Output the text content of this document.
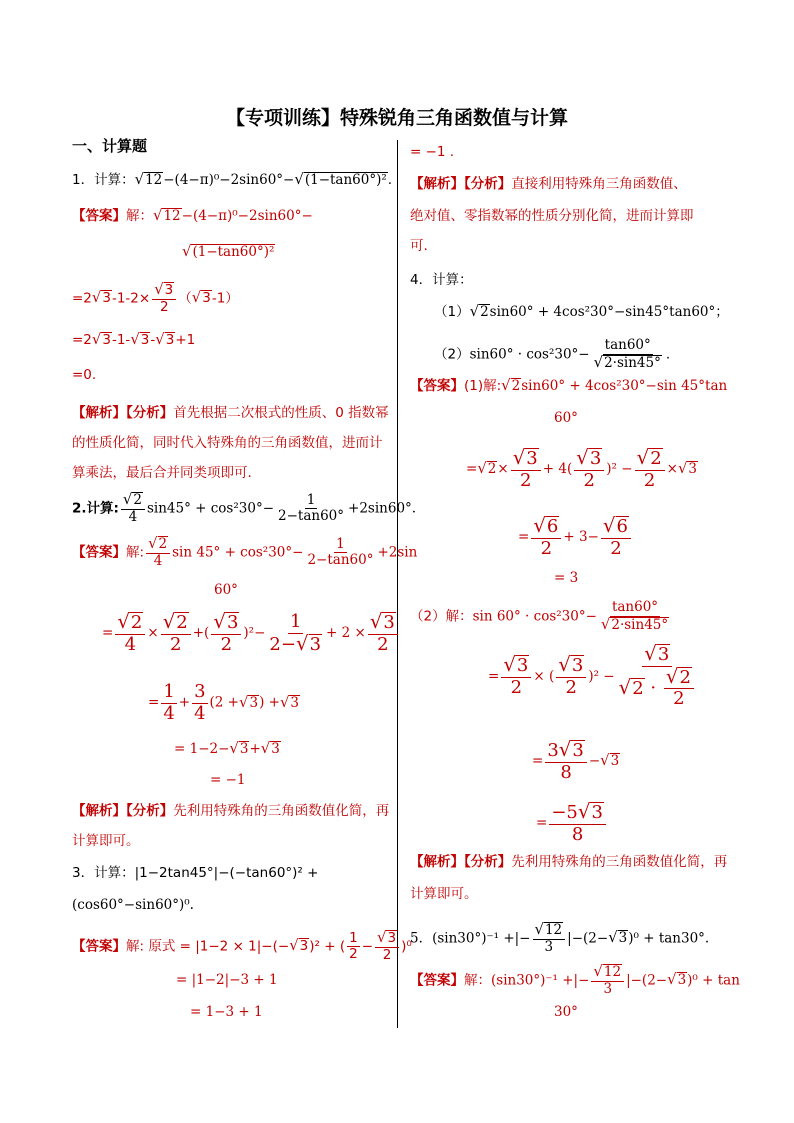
【专项训练】特殊锐角三角函数值与计算
一、计算题
1．计算： √ 12 −(4−π)⁰−2sin60°− √ (1−tan60°)² .
【答案】解： √ 12 −(4−π)⁰−2sin60°−
√ (1−tan60°)²
=2 √ 3 $-1-2\times \frac{√ 3}{2}$ （ √ 3 -1）
=2 √ 3 -1- √ 3 - √ 3 +1
=0.
【解析】【分析】首先根据二次根式的性质、0 指数幂的性质化简，同时代入特殊角的三角函数值，进而计算乘法，最后合并同类项即可.
2.计算: $\frac{√ 2}{4} \sin 45^\circ + \cos^230^\circ- \frac{1}{2-\tan 60^\circ} +2\sin 60^\circ$.
【答案】解: $\frac{√ 2}{4}$ $\sin 45^\circ + \cos^230^\circ- \frac{1}{2-\tan 60^\circ} +2\sin$
60°
= $\frac{√ 2}{4} \times \frac{√ 2}{2}$ +( $\frac{√ 3}{2} )^2- \frac{1}{2- √ 3} + 2 \times \frac{√ 3}{2}$
= $\frac{1}{4} + \frac{3}{4} (2$ + √ 3 ) + √ 3
= 1−2− √ 3 + √ 3
= −1
【解析】【分析】先利用特殊角的三角函数值化简，再计算即可。
3．计算：|1−2tan45°|−(−tan60°)² +
(cos60°−sin60°)⁰.
【答案】解: 原式 = |1−2 × 1|−(− √ 3 )² + ( $\frac{1}{2} - \frac{√ 3}{2} )^0$
= |1−2|−3 + 1
= 1−3 + 1
= −1 .
【解析】【分析】直接利用特殊角三角函数值、
绝对值、零指数幂的性质分别化简，进而计算即
可.
4．计算：
（1） √ 2 sin60° + 4cos²30°−sin45°tan60°；
$(2)\sin 60^\circ \cdot \cos^230^\circ- \frac{\tan 60^\circ}{√ 2\cdot\sin 45^\circ}$ .
【答案】(1)解: √ 2 sin60° + 4cos²30°−sin 45°tan
60°
= √ $2 \times \frac{√ 3}{2} + 4( \frac{√ 3}{2} )^2 - \frac{√ 2}{2}$ × √ 3
= $\frac{√ 6}{2} + 3- \frac{√ 6}{2}$
= 3
（2）解：$\sin 60^\circ \cdot \cos^230^\circ- \frac{\tan 60^\circ}{√ 2\cdot\sin 45^\circ}$
= $\frac{√ 3}{2}$ × ( $\frac{√ 3}{2} )^2 - \frac{√ 3}{√ 2 \cdot \frac{√ 2}{2}}$
= $\frac{3 √ 3}{8}$ − √ 3
= $\frac{-5 √ 3}{8}$
【解析】【分析】先利用特殊角的三角函数值化简，再计算即可。
5．(sin30°)⁻¹ +|− $\frac{√ 12}{3} |-(2-$ √ 3 )⁰ + tan30°.
【答案】解：(sin30°)⁻¹ +|− $\frac{√ 12}{3} |-(2-$ √ 3 )⁰ + tan
30°
